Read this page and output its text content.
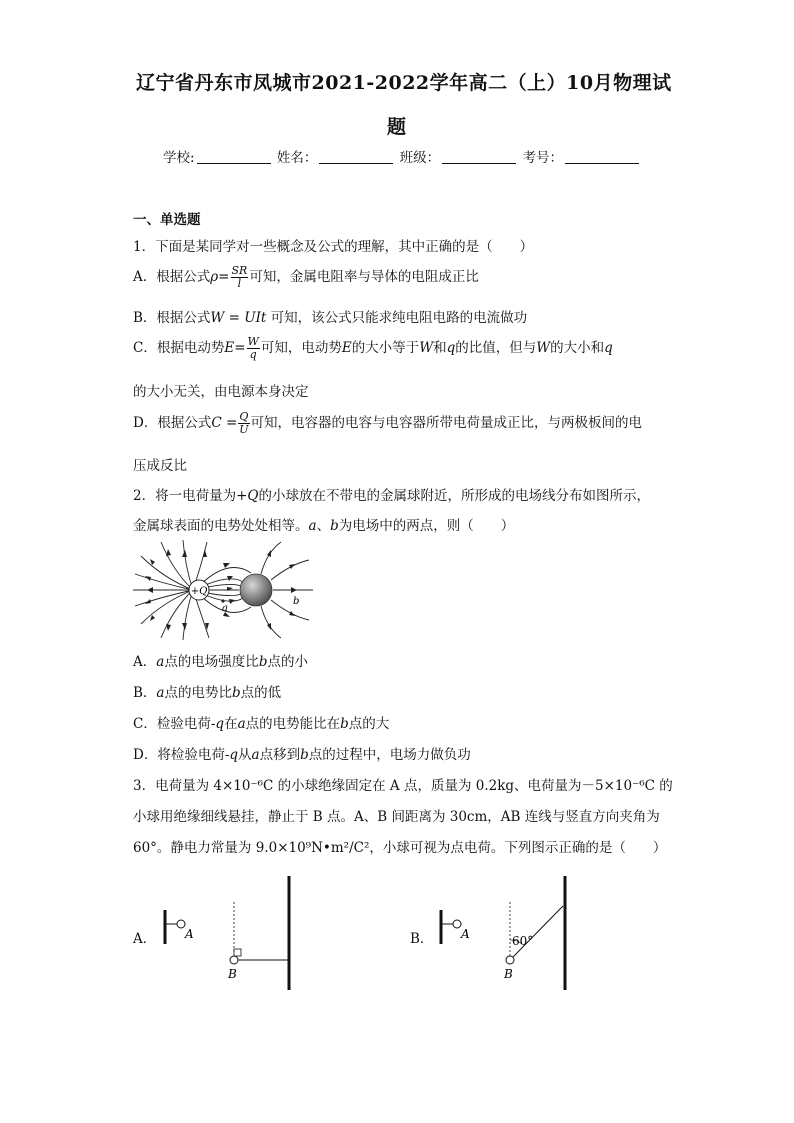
辽宁省丹东市凤城市2021-2022学年高二（上）10月物理试
题
学校:	姓名：	班级：	考号：
一、单选题
1．下面是某同学对一些概念及公式的理解，其中正确的是（　　）
A．根据公式$\rho= \frac{SR}{l}$ 可知，金属电阻率与导体的电阻成正比
B．根据公式W = UIt 可知，该公式只能求纯电阻电路的电流做功
C．根据电动势$E= \frac{W}{q}$ 可知，电动势E的大小等于W和q的比值，但与W的大小和q
的大小无关，由电源本身决定
D．根据公式$C = \frac{Q}{U}$ 可知，电容器的电容与电容器所带电荷量成正比，与两极板间的电
压成反比
2．将一电荷量为+Q的小球放在不带电的金属球附近，所形成的电场线分布如图所示，
金属球表面的电势处处相等。a、b为电场中的两点，则（　　）
+Q
a
b
A．a点的电场强度比b点的小
B．a点的电势比b点的低
C．检验电荷-q在a点的电势能比在b点的大
D．将检验电荷-q从a点移到b点的过程中，电场力做负功
3．电荷量为 4×10⁻⁶C 的小球绝缘固定在 A 点，质量为 0.2kg、电荷量为－5×10⁻⁶C 的
小球用绝缘细线悬挂，静止于 B 点。A、B 间距离为 30cm，AB 连线与竖直方向夹角为
60°。静电力常量为 9.0×10⁹N•m²/C²，小球可视为点电荷。下列图示正确的是（　　）
A． A
B
B． A	60°
B
